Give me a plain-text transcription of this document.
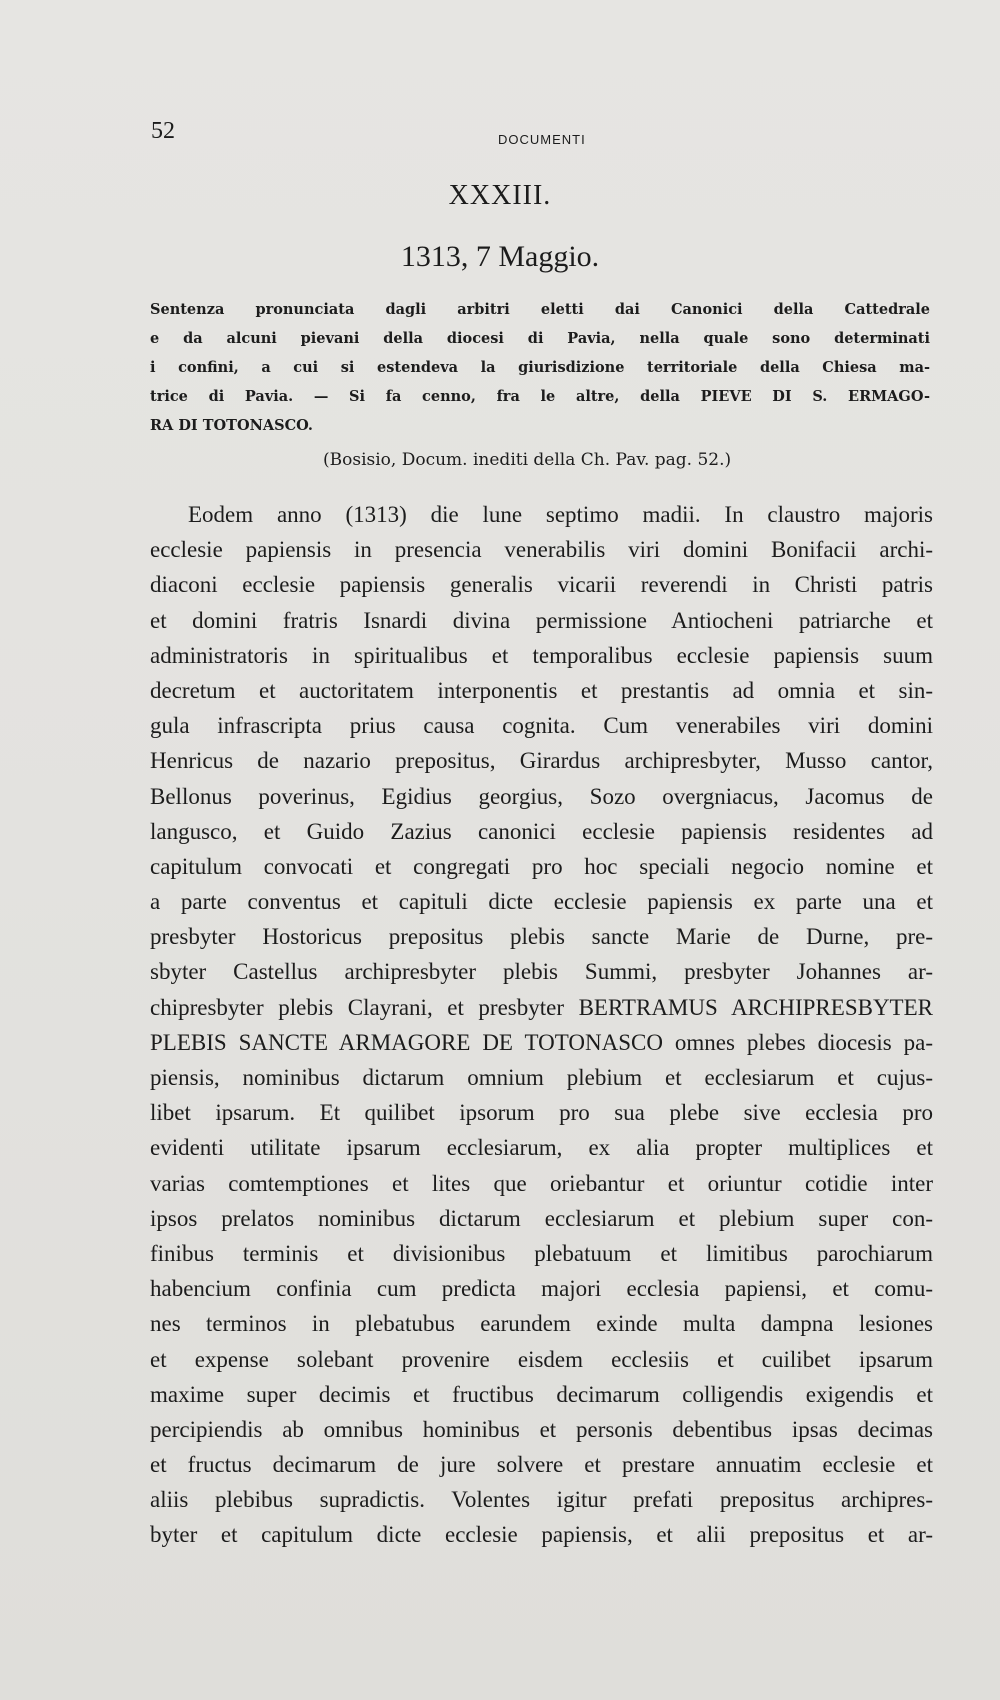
52	DOCUMENTI
XXXIII.
1313, 7 Maggio.
Sentenza pronunciata dagli arbitri eletti dai Canonici della Cattedrale
e da alcuni pievani della diocesi di Pavia, nella quale sono determinati
i confini, a cui si estendeva la giurisdizione territoriale della Chiesa ma-
trice di Pavia. — Si fa cenno, fra le altre, della PIEVE DI S. ERMAGO-
RA DI TOTONASCO.
(Bosisio, Docum. inediti della Ch. Pav. pag. 52.)
Eodem anno (1313) die lune septimo madii. In claustro majoris
ecclesie papiensis in presencia venerabilis viri domini Bonifacii archi-
diaconi ecclesie papiensis generalis vicarii reverendi in Christi patris
et domini fratris Isnardi divina permissione Antiocheni patriarche et
administratoris in spiritualibus et temporalibus ecclesie papiensis suum
decretum et auctoritatem interponentis et prestantis ad omnia et sin-
gula infrascripta prius causa cognita. Cum venerabiles viri domini
Henricus de nazario prepositus, Girardus archipresbyter, Musso cantor,
Bellonus poverinus, Egidius georgius, Sozo overgniacus, Jacomus de
langusco, et Guido Zazius canonici ecclesie papiensis residentes ad
capitulum convocati et congregati pro hoc speciali negocio nomine et
a parte conventus et capituli dicte ecclesie papiensis ex parte una et
presbyter Hostoricus prepositus plebis sancte Marie de Durne, pre-
sbyter Castellus archipresbyter plebis Summi, presbyter Johannes ar-
chipresbyter plebis Clayrani, et presbyter BERTRAMUS ARCHIPRESBYTER
PLEBIS SANCTE ARMAGORE DE TOTONASCO omnes plebes diocesis pa-
piensis, nominibus dictarum omnium plebium et ecclesiarum et cujus-
libet ipsarum. Et quilibet ipsorum pro sua plebe sive ecclesia pro
evidenti utilitate ipsarum ecclesiarum, ex alia propter multiplices et
varias comtemptiones et lites que oriebantur et oriuntur cotidie inter
ipsos prelatos nominibus dictarum ecclesiarum et plebium super con-
finibus terminis et divisionibus plebatuum et limitibus parochiarum
habencium confinia cum predicta majori ecclesia papiensi, et comu-
nes terminos in plebatubus earundem exinde multa dampna lesiones
et expense solebant provenire eisdem ecclesiis et cuilibet ipsarum
maxime super decimis et fructibus decimarum colligendis exigendis et
percipiendis ab omnibus hominibus et personis debentibus ipsas decimas
et fructus decimarum de jure solvere et prestare annuatim ecclesie et
aliis plebibus supradictis. Volentes igitur prefati prepositus archipres-
byter et capitulum dicte ecclesie papiensis, et alii prepositus et ar-
